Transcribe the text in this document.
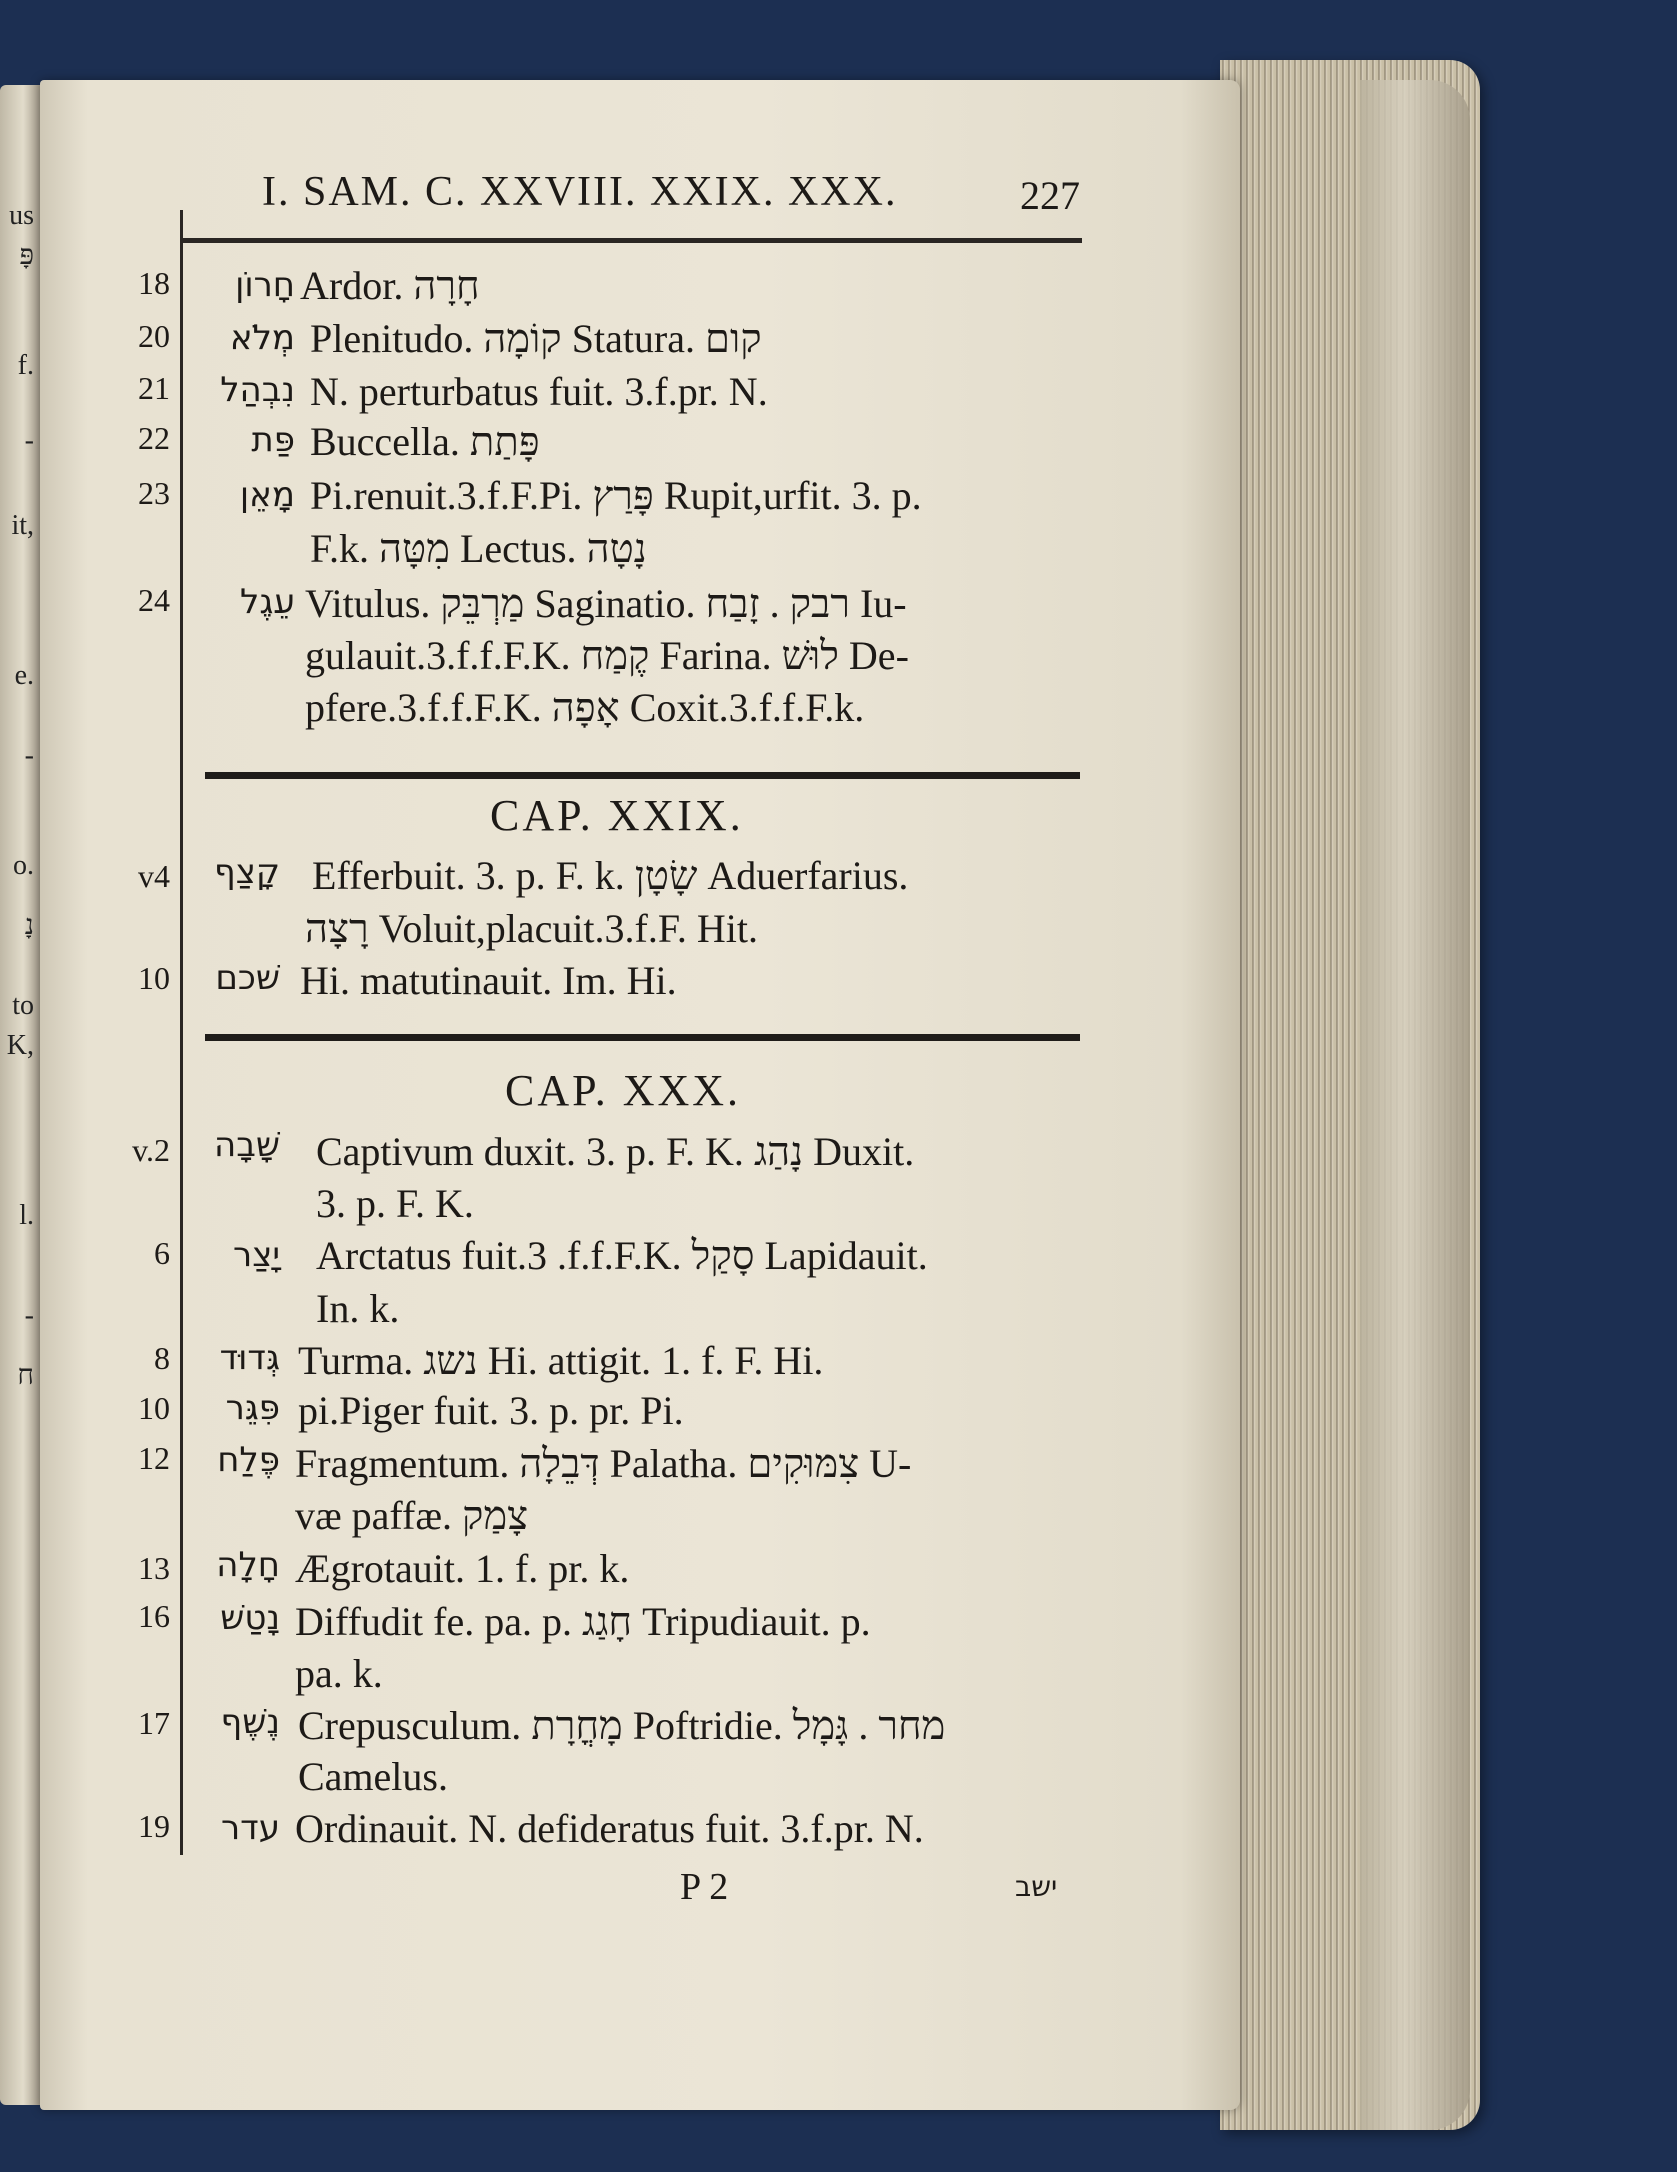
us
פָּ
f.
-
it,
e.
-
o.
נָ
to
K,
l.
-
ח
I. SAM. C. XXVIII. XXIX. XXX.	227
18	חָרוֹן Ardor. חָרָה
20	מְלֹא Plenitudo. קוֹמָה Statura. קום
21	נִבְהַל N. perturbatus fuit. 3.f.pr. N.
22	פַּת Buccella. פָּתַת
23	מָאֵן Pi.renuit.3.f.F.Pi. פָּרַץ Rupit,urfit. 3. p.
F.k. מִטָּה Lectus. נָטָה
24	עֵגֶל Vitulus. מַרְבֵּק Saginatio. רבק . זָבַח Iu-
gulauit.3.f.f.F.K. קֶמַח Farina. לוּשׁ De-
pfere.3.f.f.F.K. אָפָה Coxit.3.f.f.F.k.
CAP. XXIX.
v4	קָצַף Efferbuit. 3. p. F. k. שָׂטָן Aduerfarius.
רָצָה Voluit,placuit.3.f.F. Hit.
10	שׁכם Hi. matutinauit. Im. Hi.
CAP. XXX.
v.2	שָׁבָה Captivum duxit. 3. p. F. K. נָהַג Duxit.
3. p. F. K.
6	יָצַר Arctatus fuit.3 .f.f.F.K. סָקַל Lapidauit.
In. k.
8	גְּדוּד Turma. נשג Hi. attigit. 1. f. F. Hi.
10	פִּגֵּר pi.Piger fuit. 3. p. pr. Pi.
12	פֶּלַח Fragmentum. דְּבֵלָה Palatha. צִמּוּקִים U-
væ paffæ. צָמַק
13	חָלָה Ægrotauit. 1. f. pr. k.
16	נָטַשׁ Diffudit fe. pa. p. חָגַג Tripudiauit. p.
pa. k.
17	נֶשֶׁף Crepusculum. מָחֳרָת Poftridie. מחר . גָּמָל
Camelus.
19	עדר Ordinauit. N. defideratus fuit. 3.f.pr. N.
P 2	ישב
